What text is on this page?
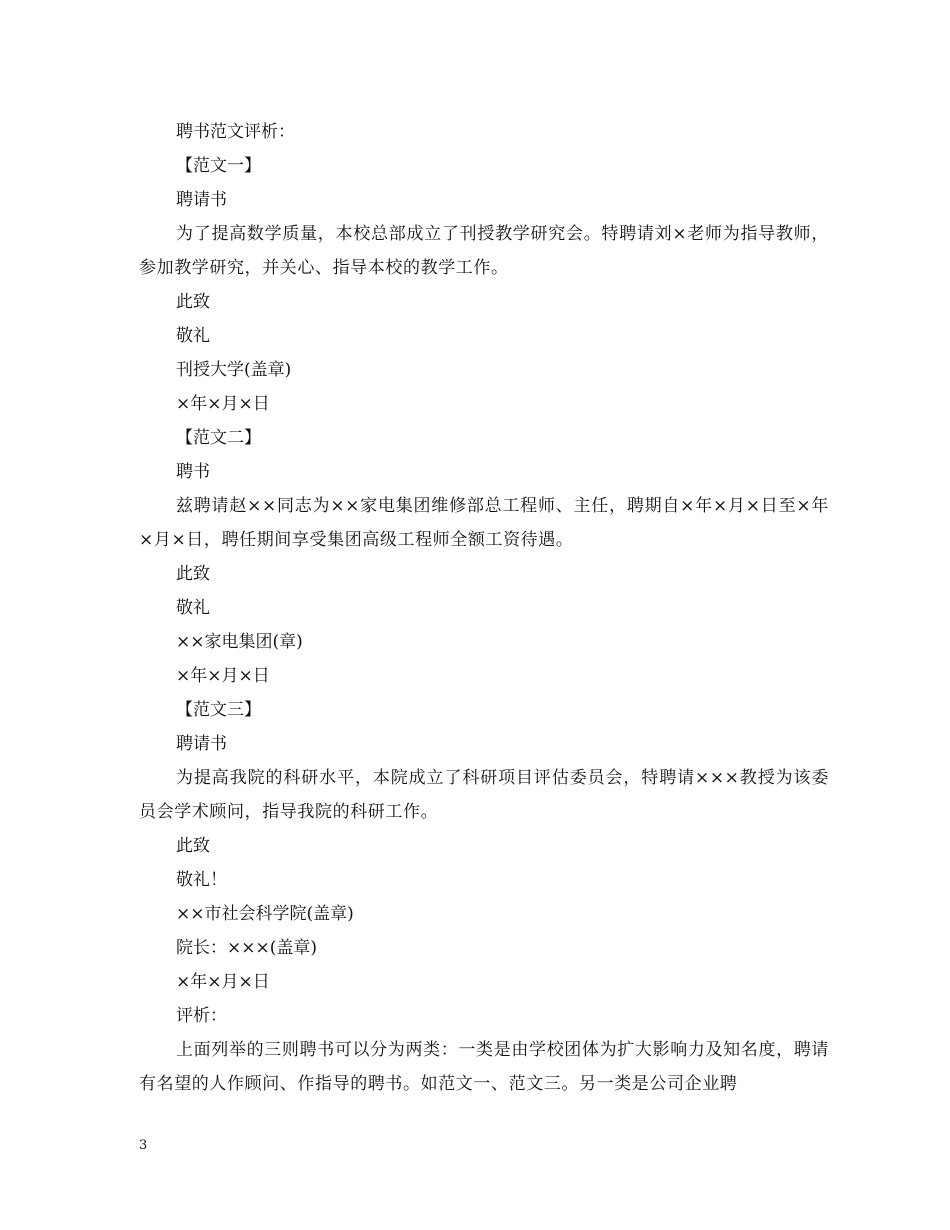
聘书范文评析：
【范文一】
聘请书
为了提高数学质量，本校总部成立了刊授教学研究会。特聘请刘×老师为指导教师，参加教学研究，并关心、指导本校的教学工作。
此致
敬礼
刊授大学(盖章)
×年×月×日
【范文二】
聘书
兹聘请赵××同志为××家电集团维修部总工程师、主任，聘期自×年×月×日至×年×月×日，聘任期间享受集团高级工程师全额工资待遇。
此致
敬礼
××家电集团(章)
×年×月×日
【范文三】
聘请书
为提高我院的科研水平，本院成立了科研项目评估委员会，特聘请×××教授为该委员会学术顾问，指导我院的科研工作。
此致
敬礼！
××市社会科学院(盖章)
院长：×××(盖章)
×年×月×日
评析：
上面列举的三则聘书可以分为两类：一类是由学校团体为扩大影响力及知名度，聘请有名望的人作顾问、作指导的聘书。如范文一、范文三。另一类是公司企业聘
3
